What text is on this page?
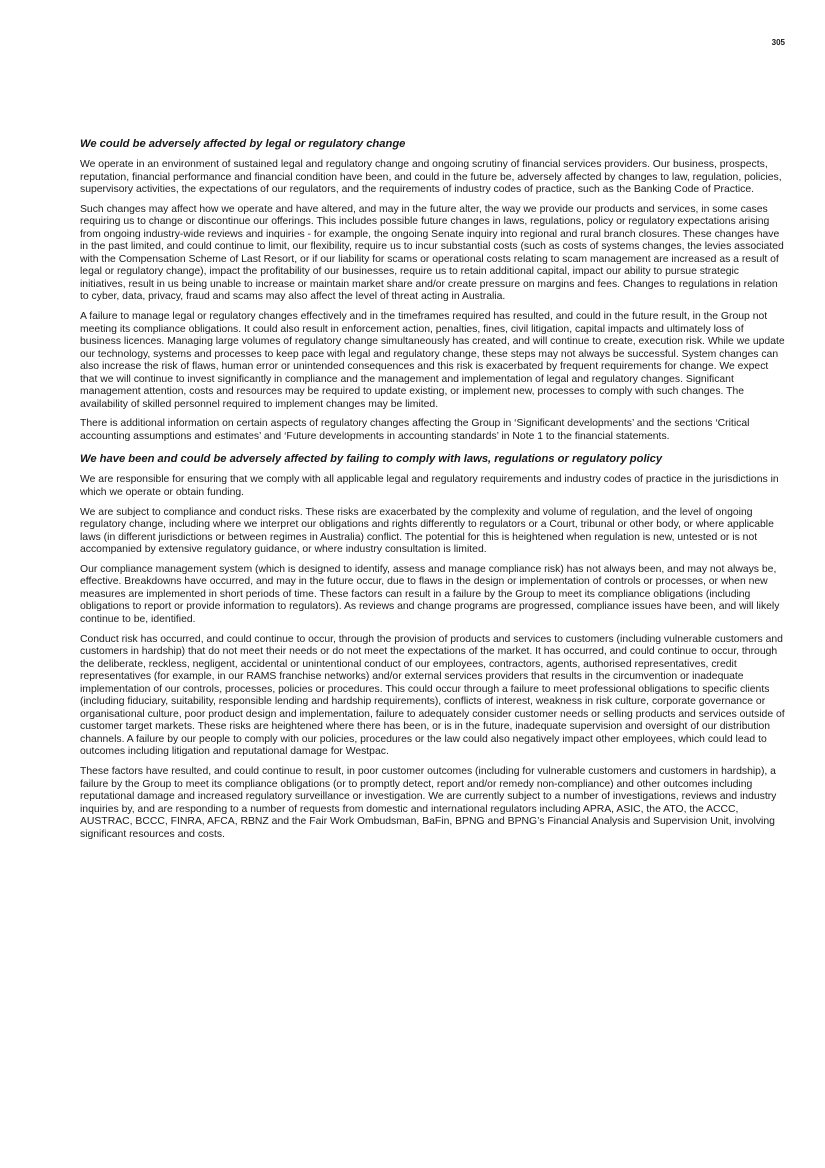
305

We could be adversely affected by legal or regulatory change

We operate in an environment of sustained legal and regulatory change and ongoing scrutiny of financial services providers. Our business, prospects, reputation, financial performance and financial condition have been, and could in the future be, adversely affected by changes to law, regulation, policies, supervisory activities, the expectations of our regulators, and the requirements of industry codes of practice, such as the Banking Code of Practice.

Such changes may affect how we operate and have altered, and may in the future alter, the way we provide our products and services, in some cases requiring us to change or discontinue our offerings. This includes possible future changes in laws, regulations, policy or regulatory expectations arising from ongoing industry-wide reviews and inquiries - for example, the ongoing Senate inquiry into regional and rural branch closures. These changes have in the past limited, and could continue to limit, our flexibility, require us to incur substantial costs (such as costs of systems changes, the levies associated with the Compensation Scheme of Last Resort, or if our liability for scams or operational costs relating to scam management are increased as a result of legal or regulatory change), impact the profitability of our businesses, require us to retain additional capital, impact our ability to pursue strategic initiatives, result in us being unable to increase or maintain market share and/or create pressure on margins and fees. Changes to regulations in relation to cyber, data, privacy, fraud and scams may also affect the level of threat acting in Australia.

A failure to manage legal or regulatory changes effectively and in the timeframes required has resulted, and could in the future result, in the Group not meeting its compliance obligations. It could also result in enforcement action, penalties, fines, civil litigation, capital impacts and ultimately loss of business licences. Managing large volumes of regulatory change simultaneously has created, and will continue to create, execution risk. While we update our technology, systems and processes to keep pace with legal and regulatory change, these steps may not always be successful. System changes can also increase the risk of flaws, human error or unintended consequences and this risk is exacerbated by frequent requirements for change. We expect that we will continue to invest significantly in compliance and the management and implementation of legal and regulatory changes. Significant management attention, costs and resources may be required to update existing, or implement new, processes to comply with such changes. The availability of skilled personnel required to implement changes may be limited.

There is additional information on certain aspects of regulatory changes affecting the Group in ‘Significant developments’ and the sections ‘Critical accounting assumptions and estimates’ and ‘Future developments in accounting standards’ in Note 1 to the financial statements.

We have been and could be adversely affected by failing to comply with laws, regulations or regulatory policy

We are responsible for ensuring that we comply with all applicable legal and regulatory requirements and industry codes of practice in the jurisdictions in which we operate or obtain funding.

We are subject to compliance and conduct risks. These risks are exacerbated by the complexity and volume of regulation, and the level of ongoing regulatory change, including where we interpret our obligations and rights differently to regulators or a Court, tribunal or other body, or where applicable laws (in different jurisdictions or between regimes in Australia) conflict. The potential for this is heightened when regulation is new, untested or is not accompanied by extensive regulatory guidance, or where industry consultation is limited.

Our compliance management system (which is designed to identify, assess and manage compliance risk) has not always been, and may not always be, effective. Breakdowns have occurred, and may in the future occur, due to flaws in the design or implementation of controls or processes, or when new measures are implemented in short periods of time. These factors can result in a failure by the Group to meet its compliance obligations (including obligations to report or provide information to regulators). As reviews and change programs are progressed, compliance issues have been, and will likely continue to be, identified.

Conduct risk has occurred, and could continue to occur, through the provision of products and services to customers (including vulnerable customers and customers in hardship) that do not meet their needs or do not meet the expectations of the market. It has occurred, and could continue to occur, through the deliberate, reckless, negligent, accidental or unintentional conduct of our employees, contractors, agents, authorised representatives, credit representatives (for example, in our RAMS franchise networks) and/or external services providers that results in the circumvention or inadequate implementation of our controls, processes, policies or procedures. This could occur through a failure to meet professional obligations to specific clients (including fiduciary, suitability, responsible lending and hardship requirements), conflicts of interest, weakness in risk culture, corporate governance or organisational culture, poor product design and implementation, failure to adequately consider customer needs or selling products and services outside of customer target markets. These risks are heightened where there has been, or is in the future, inadequate supervision and oversight of our distribution channels. A failure by our people to comply with our policies, procedures or the law could also negatively impact other employees, which could lead to outcomes including litigation and reputational damage for Westpac.

These factors have resulted, and could continue to result, in poor customer outcomes (including for vulnerable customers and customers in hardship), a failure by the Group to meet its compliance obligations (or to promptly detect, report and/or remedy non-compliance) and other outcomes including reputational damage and increased regulatory surveillance or investigation. We are currently subject to a number of investigations, reviews and industry inquiries by, and are responding to a number of requests from domestic and international regulators including APRA, ASIC, the ATO, the ACCC, AUSTRAC, BCCC, FINRA, AFCA, RBNZ and the Fair Work Ombudsman, BaFin, BPNG and BPNG’s Financial Analysis and Supervision Unit, involving significant resources and costs.
